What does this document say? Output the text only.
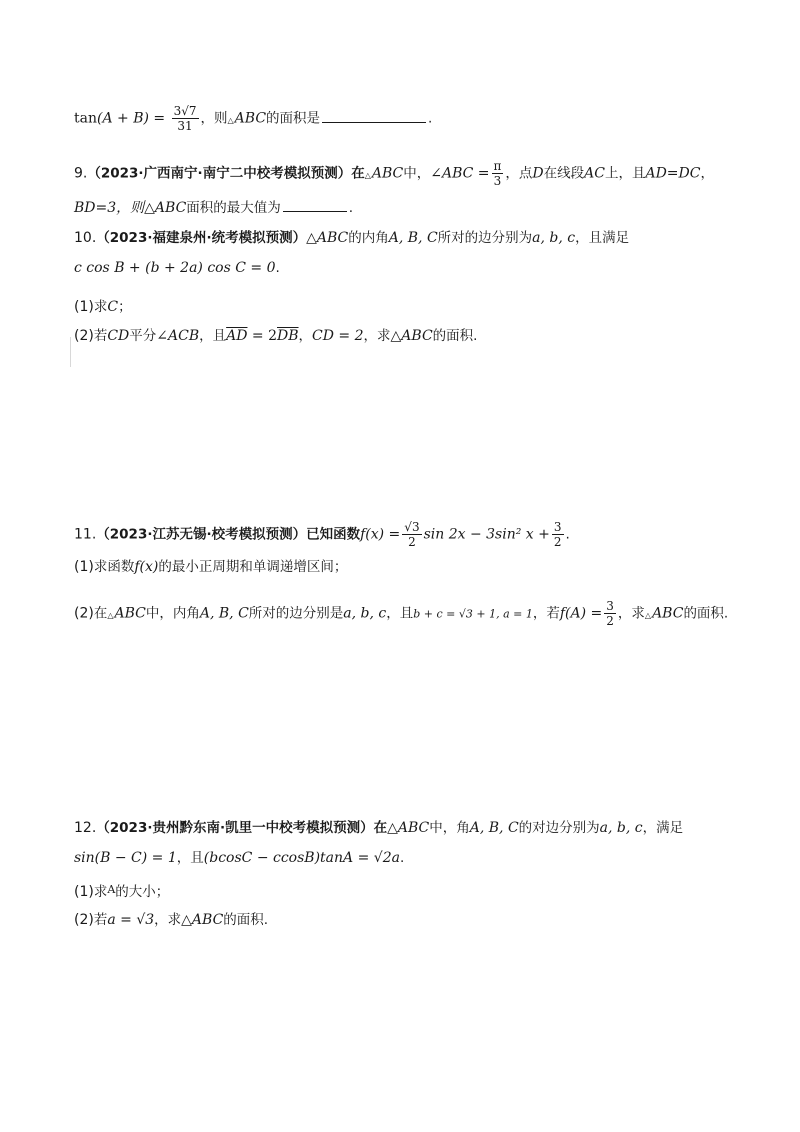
$\tan(A + B) = \frac{3√7}{31}$ ，则△ABC的面积是	.
9.（2023·广西南宁·南宁二中校考模拟预测）在△ABC中，∠ABC = $\frac{\pi}{3}$ ，点D在线段AC上，且AD=DC，
BD=3，则△ABC面积的最大值为	.
10.（2023·福建泉州·统考模拟预测）△ABC的内角A, B, C所对的边分别为a, b, c，且满足
c cos B + (b + 2a) cos C = 0.
(1)求C；
(2)若CD平分∠ACB，且$\overline{AD} = 2\overline{DB}$，CD = 2，求△ABC的面积.
11.（2023·江苏无锡·校考模拟预测）已知函数$f(x) = \frac{√3}{2}$ sin 2x − 3sin² $x + \frac{3}{2}$ .
(1)求函数f(x)的最小正周期和单调递增区间；
(2)在△ABC中，内角A, B, C所对的边分别是a, b, c，且b + c = √3 + 1, a = 1，若$f(A) = \frac{3}{2}$ ，求△ABC的面积.
12.（2023·贵州黔东南·凯里一中校考模拟预测）在△ABC中，角A, B, C的对边分别为a, b, c，满足
sin(B − C) = 1，且(bcosC − ccosB)tanA = √2a.
(1)求$^A$的大小；
(2)若a = √3，求△ABC的面积.
